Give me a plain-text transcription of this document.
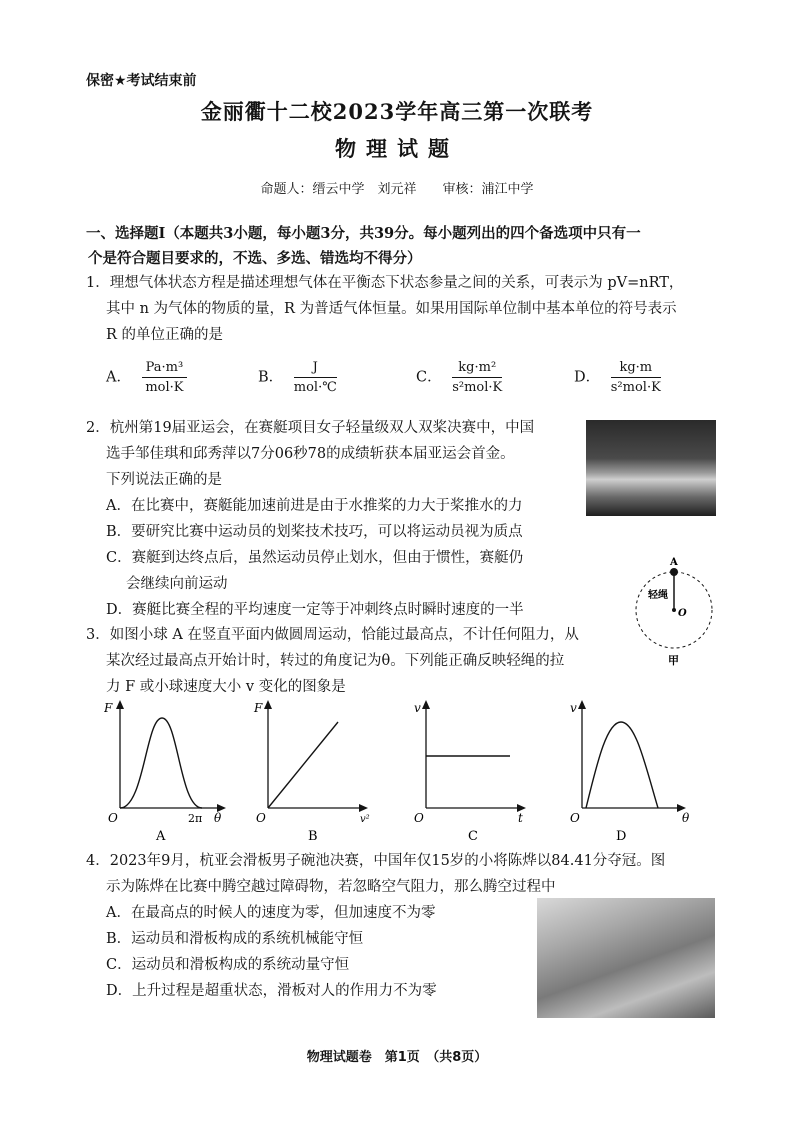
保密★考试结束前
金丽衢十二校2023学年高三第一次联考
物理试题
命题人：缙云中学　刘元祥　　审核：浦江中学
一、选择题Ⅰ（本题共3小题，每小题3分，共39分。每小题列出的四个备选项中只有一
个是符合题目要求的，不选、多选、错选均不得分）
1．理想气体状态方程是描述理想气体在平衡态下状态参量之间的关系，可表示为 pV=nRT，
其中 n 为气体的物质的量，R 为普适气体恒量。如果用国际单位制中基本单位的符号表示
R 的单位正确的是
A． $\frac{\text{Pa·m³}}{\text{mol·K}}$	B． $\frac{J}{\text{mol·℃}}$	C． $\frac{\text{kg·m²}}{\text{s²mol·K}}$	D． $\frac{kg\cdot m}{\text{s²mol·K}}$
2．杭州第19届亚运会，在赛艇项目女子轻量级双人双桨决赛中，中国
选手邹佳琪和邱秀萍以7分06秒78的成绩斩获本届亚运会首金。
下列说法正确的是
A．在比赛中，赛艇能加速前进是由于水推桨的力大于桨推水的力
B．要研究比赛中运动员的划桨技术技巧，可以将运动员视为质点
C．赛艇到达终点后，虽然运动员停止划水，但由于惯性，赛艇仍
会继续向前运动
D．赛艇比赛全程的平均速度一定等于冲刺终点时瞬时速度的一半
A
轻绳
O
甲
3．如图小球 A 在竖直平面内做圆周运动，恰能过最高点，不计任何阻力，从
某次经过最高点开始计时，转过的角度记为θ。下列能正确反映轻绳的拉
力 F 或小球速度大小 v 变化的图象是
F
O	2π θ
A
F
O	v²
B
v
O	t
C
v
O	θ
D
4．2023年9月，杭亚会滑板男子碗池决赛，中国年仅15岁的小将陈烨以84.41分夺冠。图
示为陈烨在比赛中腾空越过障碍物，若忽略空气阻力，那么腾空过程中
A．在最高点的时候人的速度为零，但加速度不为零
B．运动员和滑板构成的系统机械能守恒
C．运动员和滑板构成的系统动量守恒
D．上升过程是超重状态，滑板对人的作用力不为零
物理试题卷　第1页　（共8页）
